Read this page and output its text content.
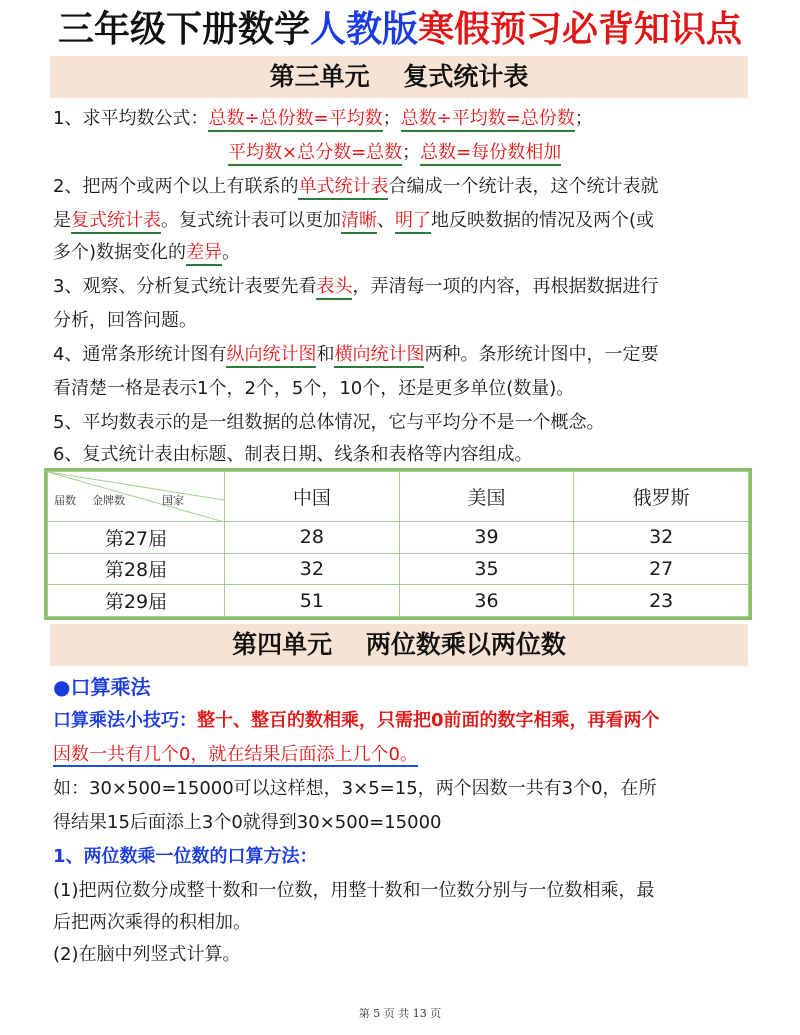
三年级下册数学人教版寒假预习必背知识点
第三单元　 复式统计表
1、求平均数公式：总数÷总份数=平均数；总数÷平均数=总份数；
平均数×总分数=总数；总数=每份数相加
2、把两个或两个以上有联系的单式统计表合编成一个统计表，这个统计表就
是复式统计表。复式统计表可以更加清晰、明了地反映数据的情况及两个(或
多个)数据变化的差异。
3、观察、分析复式统计表要先看表头，弄清每一项的内容，再根据数据进行
分析，回答问题。
4、通常条形统计图有纵向统计图和横向统计图两种。条形统计图中，一定要
看清楚一格是表示1个，2个，5个，10个，还是更多单位(数量)。
5、平均数表示的是一组数据的总体情况，它与平均分不是一个概念。
6、复式统计表由标题、制表日期、线条和表格等内容组成。
届数 金牌数 国家	中国	美国	俄罗斯
第27届	28	39	32
第28届	32	35	27
第29届	51	36	23
第四单元　 两位数乘以两位数
●口算乘法
口算乘法小技巧：整十、整百的数相乘，只需把0前面的数字相乘，再看两个
因数一共有几个0，就在结果后面添上几个0。
如：30×500=15000可以这样想，3×5=15，两个因数一共有3个0，在所
得结果15后面添上3个0就得到30×500=15000
1、两位数乘一位数的口算方法：
(1)把两位数分成整十数和一位数，用整十数和一位数分别与一位数相乘，最
后把两次乘得的积相加。
(2)在脑中列竖式计算。
第 5 页 共 13 页
